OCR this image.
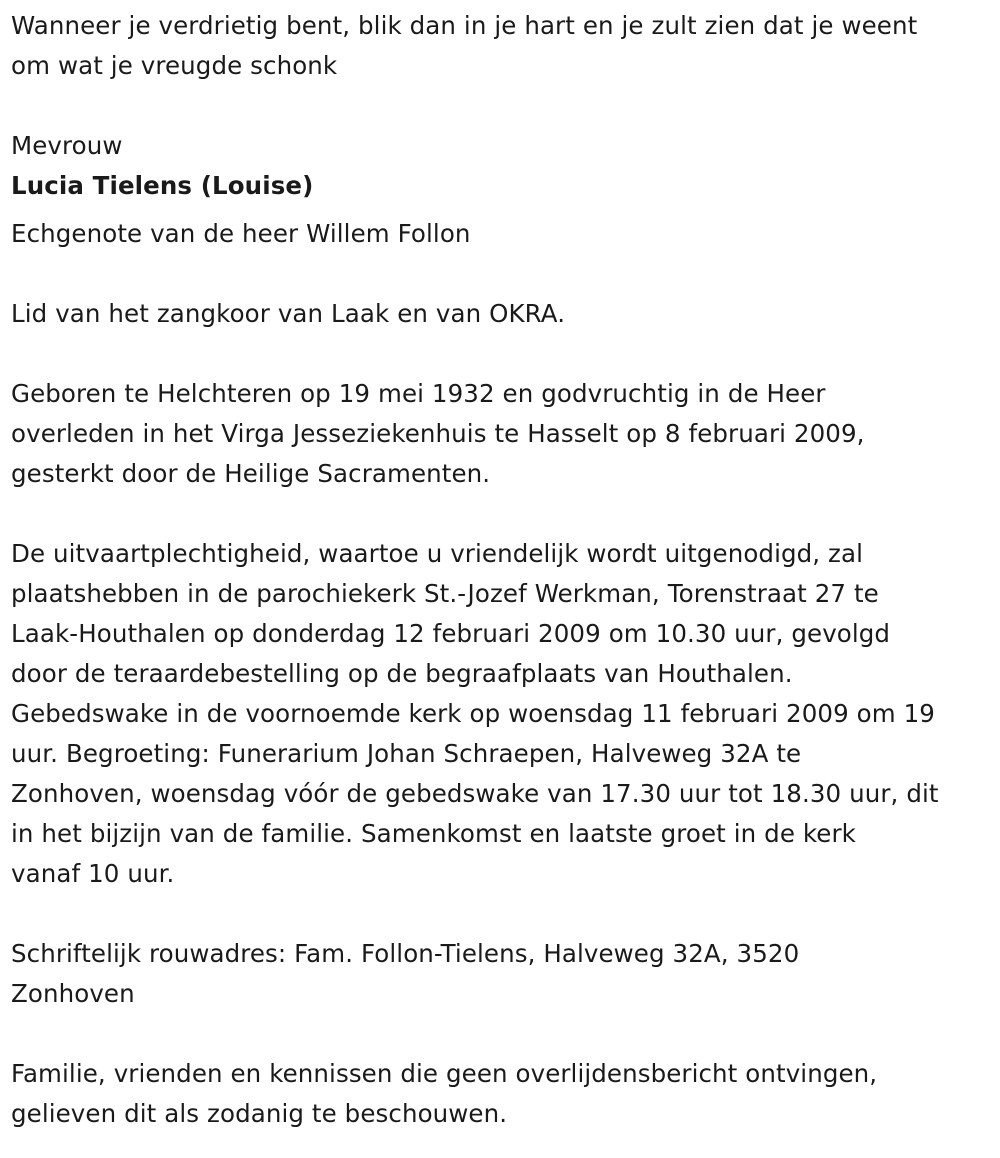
Wanneer je verdrietig bent, blik dan in je hart en je zult zien dat je weent
om wat je vreugde schonk
Mevrouw
Lucia Tielens (Louise)
Echgenote van de heer Willem Follon
Lid van het zangkoor van Laak en van OKRA.
Geboren te Helchteren op 19 mei 1932 en godvruchtig in de Heer
overleden in het Virga Jesseziekenhuis te Hasselt op 8 februari 2009,
gesterkt door de Heilige Sacramenten.
De uitvaartplechtigheid, waartoe u vriendelijk wordt uitgenodigd, zal
plaatshebben in de parochiekerk St.-Jozef Werkman, Torenstraat 27 te
Laak-Houthalen op donderdag 12 februari 2009 om 10.30 uur, gevolgd
door de teraardebestelling op de begraafplaats van Houthalen.
Gebedswake in de voornoemde kerk op woensdag 11 februari 2009 om 19
uur. Begroeting: Funerarium Johan Schraepen, Halveweg 32A te
Zonhoven, woensdag vóór de gebedswake van 17.30 uur tot 18.30 uur, dit
in het bijzijn van de familie. Samenkomst en laatste groet in de kerk
vanaf 10 uur.
Schriftelijk rouwadres: Fam. Follon-Tielens, Halveweg 32A, 3520
Zonhoven
Familie, vrienden en kennissen die geen overlijdensbericht ontvingen,
gelieven dit als zodanig te beschouwen.
